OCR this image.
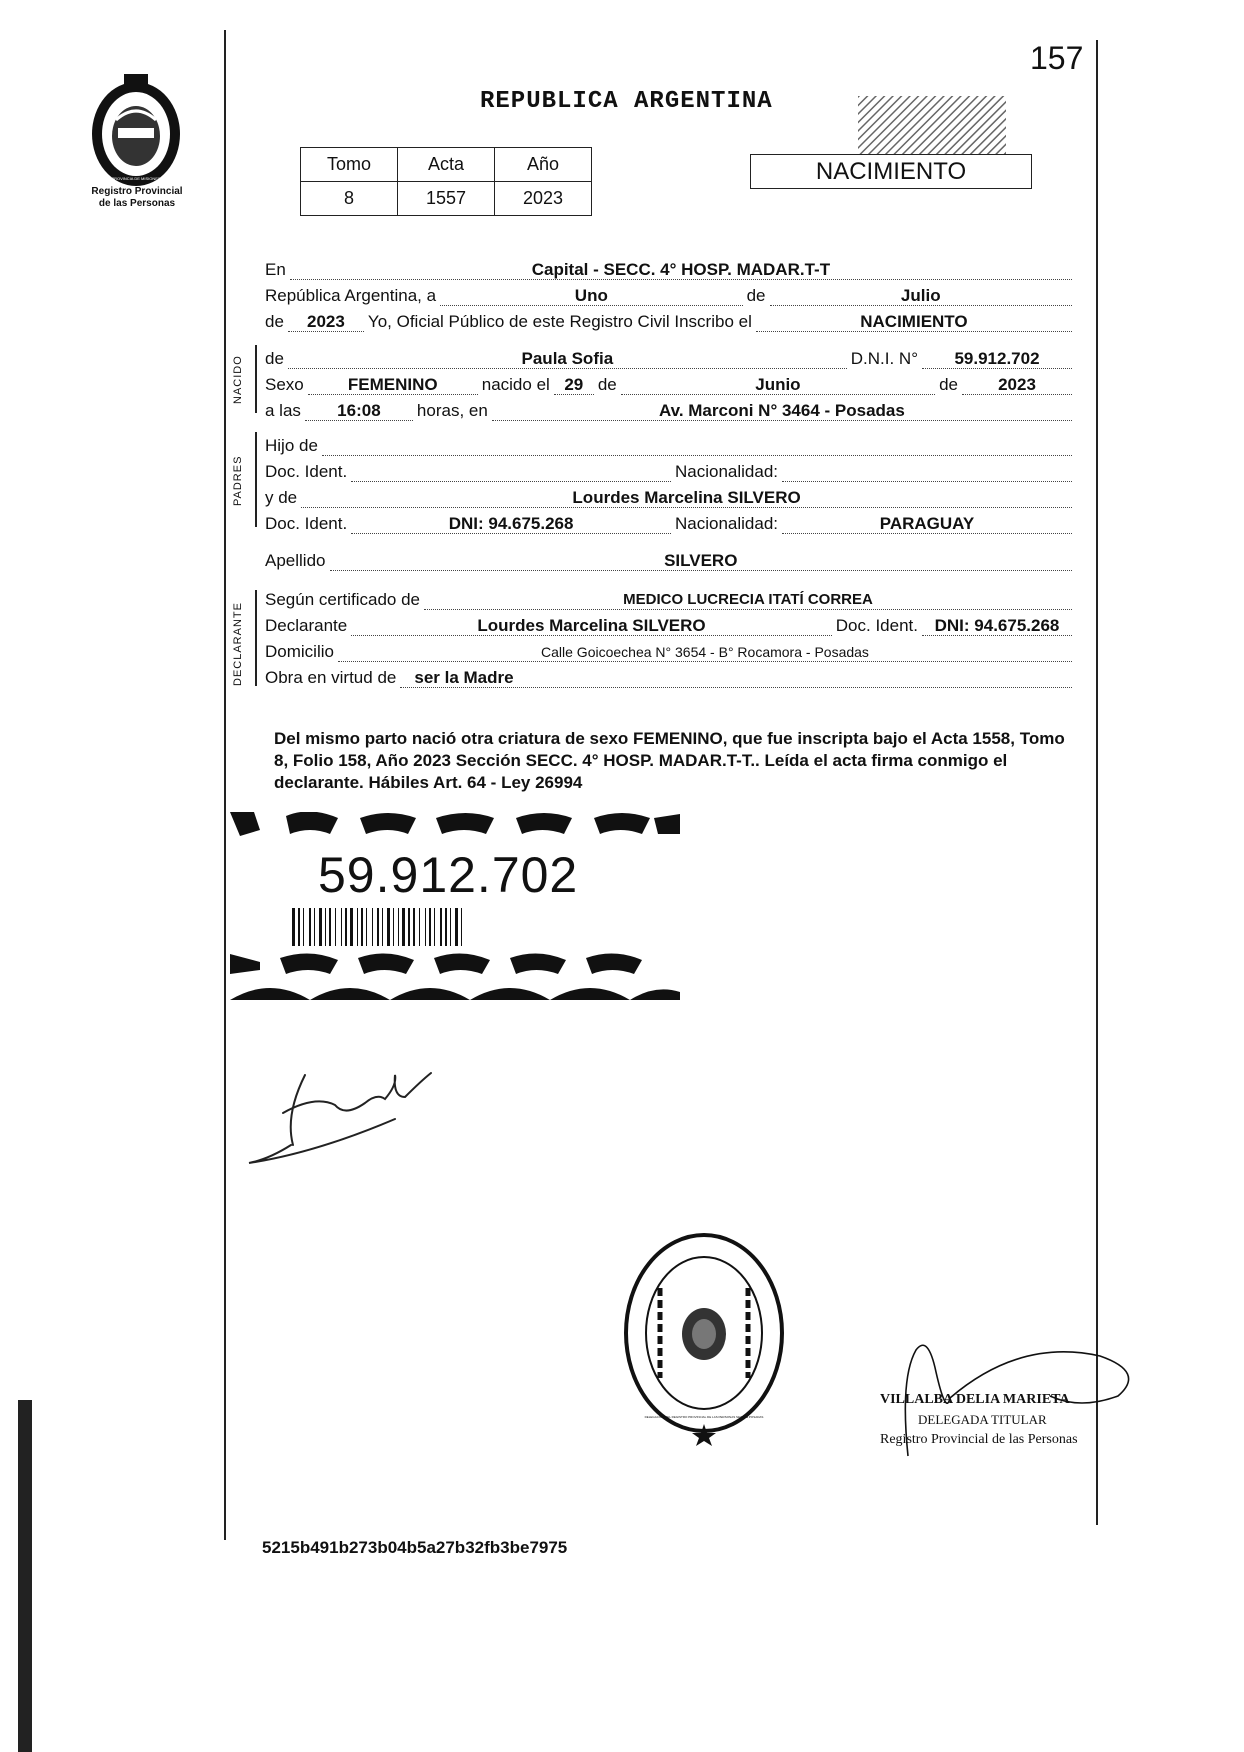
PROVINCIA DE MISIONES
Registro Provincial
de las Personas
157
REPUBLICA ARGENTINA
Tomo	Acta	Año
8	1557	2023
NACIMIENTO
NACIDO
PADRES
DECLARANTE
En	Capital - SECC. 4° HOSP. MADAR.T-T
República Argentina, a	Uno	de	Julio
de	2023	Yo, Oficial Público de este Registro Civil Inscribo el	NACIMIENTO
de	Paula Sofia	D.N.I. N°	59.912.702
Sexo	FEMENINO	nacido el 29 de	Junio	de	2023
a las	16:08	horas, en	Av. Marconi N° 3464 - Posadas
Hijo de
Doc. Ident.	Nacionalidad:
y de	Lourdes Marcelina SILVERO
Doc. Ident.	DNI: 94.675.268	Nacionalidad:	PARAGUAY
Apellido	SILVERO
Según certificado de	MEDICO LUCRECIA ITATÍ CORREA
Declarante	Lourdes Marcelina SILVERO	Doc. Ident. DNI: 94.675.268
Domicilio	Calle Goicoechea N° 3654 - B° Rocamora - Posadas
Obra en virtud de	ser la Madre
Del mismo parto nació otra criatura de sexo FEMENINO, que fue inscripta bajo el Acta 1558, Tomo 8, Folio 158, Año 2023 Sección SECC. 4° HOSP. MADAR.T-T.. Leída el acta firma conmigo el declarante. Hábiles Art. 64 - Ley 26994
59.912.702
Lourdes
DELEGACION DEL REGISTRO PROVINCIAL DE LAS PERSONAS SEC. 4ta POSADAS
VILLALBA DELIA MARIETA
DELEGADA TITULAR
Registro Provincial de las Personas
5215b491b273b04b5a27b32fb3be7975
